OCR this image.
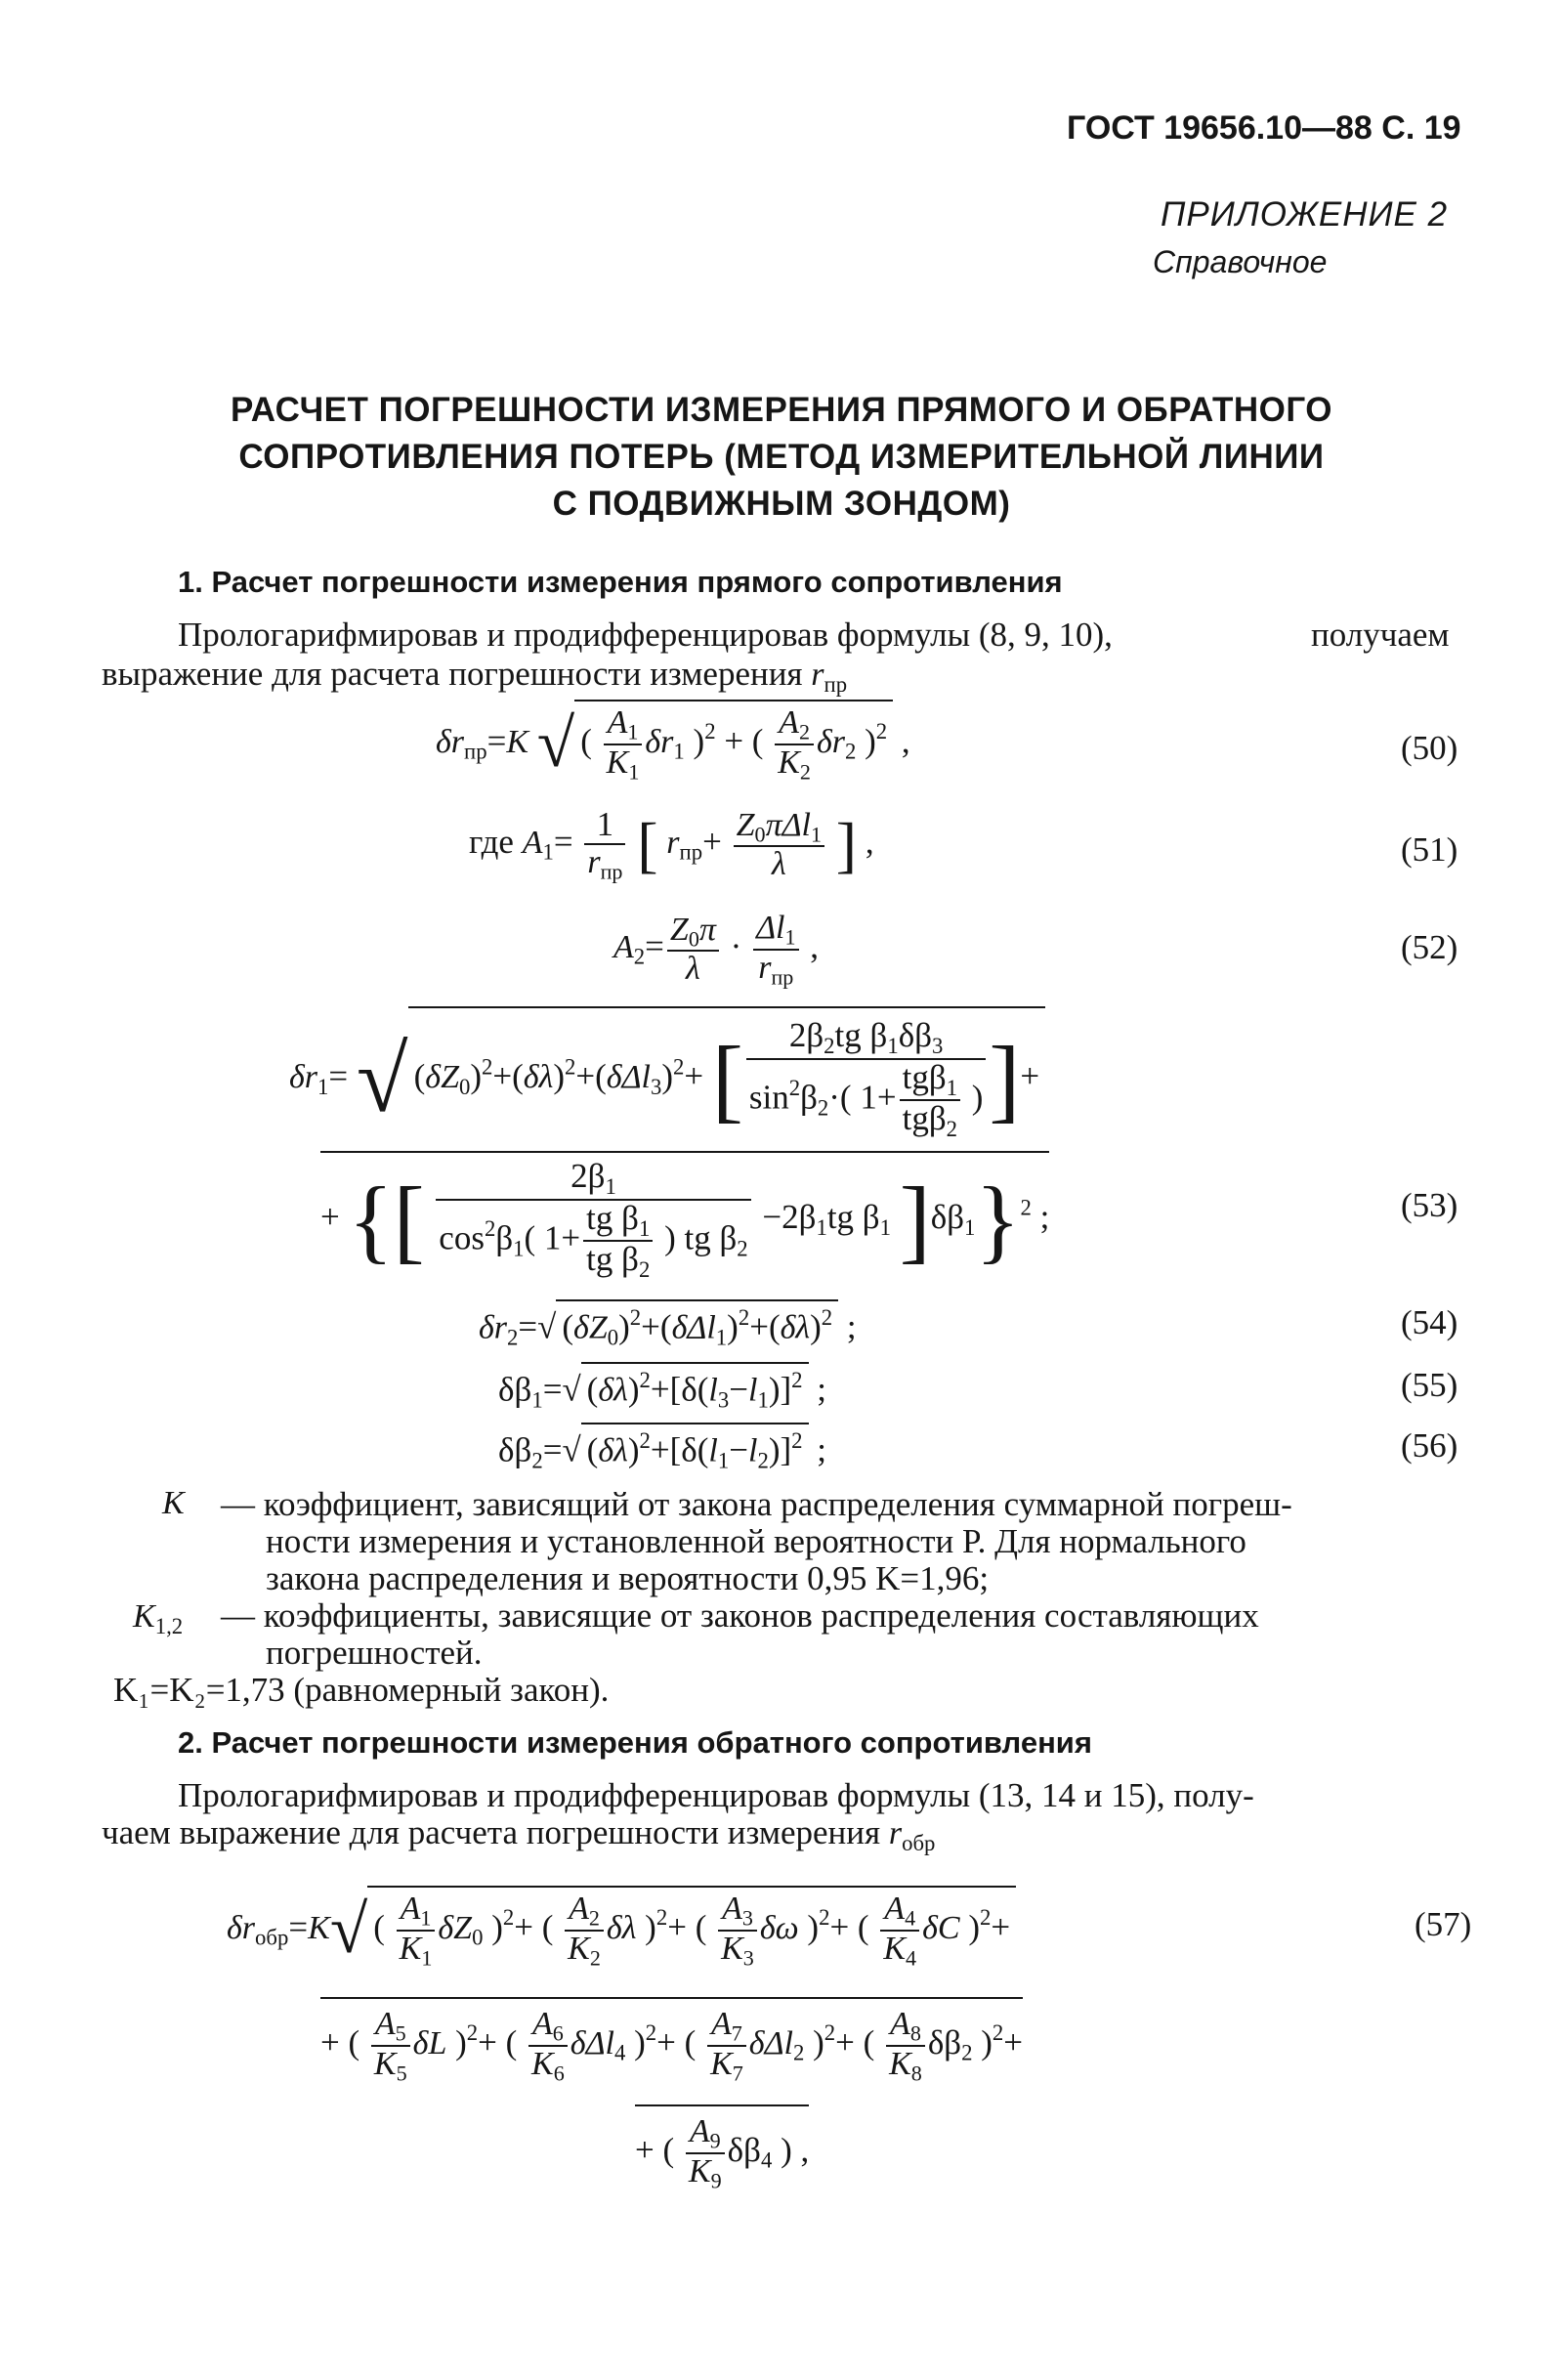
ГОСТ 19656.10—88 С. 19
ПРИЛОЖЕНИЕ 2
Справочное
РАСЧЕТ ПОГРЕШНОСТИ ИЗМЕРЕНИЯ ПРЯМОГО И ОБРАТНОГО
СОПРОТИВЛЕНИЯ ПОТЕРЬ (МЕТОД ИЗМЕРИТЕЛЬНОЙ ЛИНИИ
С ПОДВИЖНЫМ ЗОНДОМ)
1. Расчет погрешности измерения прямого сопротивления
Прологарифмировав и продифференцировав формулы (8, 9, 10),	получаем
выражение для расчета погрешности измерения $r_{пр}$
$\delta r_{пр}=K$ √( $\frac{A_1}{K_1} \delta r_1$ )$^2$ + ( $\frac{A_2}{K_2} \delta r_2$ )$^2$ ,	(50)
где $A_1= \frac{1}{r_{пр}}$ [ $r_{пр}+ \frac{Z_0\pi\Delta l_1}{\lambda}$ ] ,	(51)
$A_2= \frac{Z_0\pi}{\lambda} \cdot \frac{\Delta l_1}{r_{пр}}$ ,	(52)
$\delta r_1= √(\delta Z_0)^2+(\delta\lambda)^2+(\delta\Delta l_3)^2+$ [ $\frac{2\beta_2tg \beta_1\delta\beta_3}{\sin^2\beta_2\cdot( 1+ \frac{tg\beta_1}{tg\beta_2} )}$ ]+
+ {[ $\frac{2\beta_1}{\cos^2\beta_1( 1+ \frac{tg \beta_1}{tg \beta_2} ) tg \beta_2} -2\beta_1tg$ $\beta_1$ ]$\delta\beta_1\}^2$ ;	(53)
$\delta r_2=√$ $(\delta Z_0)^2+(\delta\Delta l_1)^2+(\delta\lambda)^2$ ;	(54)
$\delta\beta_1=√$ $(\delta\lambda)^2+[\delta(l_3-l_1)]^2$ ;	(55)
$\delta\beta_2=√$ $(\delta\lambda)^2+[\delta(l_1-l_2)]^2$ ;	(56)
K — коэффициент, зависящий от закона распределения суммарной погреш-
ности измерения и установленной вероятности P. Для нормального
закона распределения и вероятности 0,95 K=1,96;
$K_{1,2}$ — коэффициенты, зависящие от законов распределения составляющих
погрешностей.
K₁=K₂=1,73 (равномерный закон).
2. Расчет погрешности измерения обратного сопротивления
Прологарифмировав и продифференцировав формулы (13, 14 и 15), полу-
чаем выражение для расчета погрешности измерения $r_{обр}$
$\delta r_{обр}=K√( \frac{A_1}{K_1} \delta Z_0$ )$^2$+ ( $\frac{A_2}{K_2}$ δλ )$^2$+ ( $\frac{A_3}{K_3}$ δω )$^2$+ ( $\frac{A_4}{K_4}$ δC )$^2$+	(57)
+ ( $\frac{A_5}{K_5}$ δL )$^2$+ ( $\frac{A_6}{K_6} \delta\Delta l_4$ )$^2$+ ( $\frac{A_7}{K_7} \delta\Delta l_2$ )$^2$+ ( $\frac{A_8}{K_8} \delta\beta_2$ )$^2$+
+ ( $\frac{A_9}{K_9} \delta\beta_4$ ) ,
